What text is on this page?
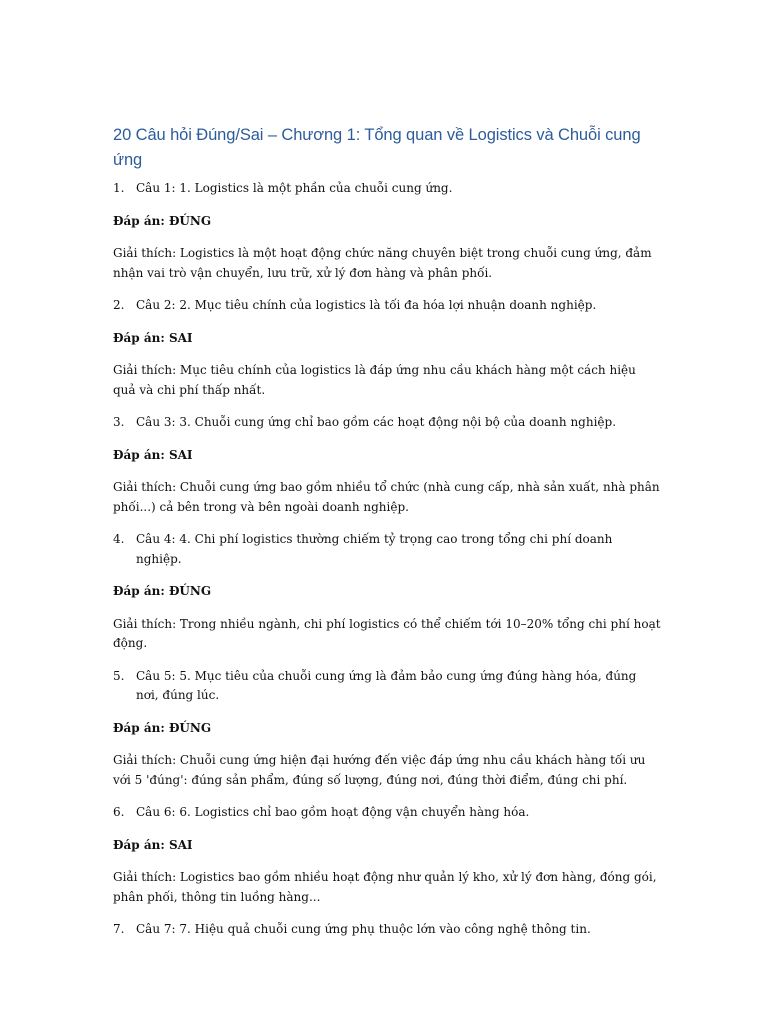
20 Câu hỏi Đúng/Sai – Chương 1: Tổng quan về Logistics và Chuỗi cung ứng
1. Câu 1: 1. Logistics là một phần của chuỗi cung ứng.

Đáp án: ĐÚNG

Giải thích: Logistics là một hoạt động chức năng chuyên biệt trong chuỗi cung ứng, đảm nhận vai trò vận chuyển, lưu trữ, xử lý đơn hàng và phân phối.

2. Câu 2: 2. Mục tiêu chính của logistics là tối đa hóa lợi nhuận doanh nghiệp.

Đáp án: SAI

Giải thích: Mục tiêu chính của logistics là đáp ứng nhu cầu khách hàng một cách hiệu quả và chi phí thấp nhất.

3. Câu 3: 3. Chuỗi cung ứng chỉ bao gồm các hoạt động nội bộ của doanh nghiệp.

Đáp án: SAI

Giải thích: Chuỗi cung ứng bao gồm nhiều tổ chức (nhà cung cấp, nhà sản xuất, nhà phân phối...) cả bên trong và bên ngoài doanh nghiệp.

4. Câu 4: 4. Chi phí logistics thường chiếm tỷ trọng cao trong tổng chi phí doanh nghiệp.

Đáp án: ĐÚNG

Giải thích: Trong nhiều ngành, chi phí logistics có thể chiếm tới 10–20% tổng chi phí hoạt động.

5. Câu 5: 5. Mục tiêu của chuỗi cung ứng là đảm bảo cung ứng đúng hàng hóa, đúng nơi, đúng lúc.

Đáp án: ĐÚNG

Giải thích: Chuỗi cung ứng hiện đại hướng đến việc đáp ứng nhu cầu khách hàng tối ưu với 5 'đúng': đúng sản phẩm, đúng số lượng, đúng nơi, đúng thời điểm, đúng chi phí.

6. Câu 6: 6. Logistics chỉ bao gồm hoạt động vận chuyển hàng hóa.

Đáp án: SAI

Giải thích: Logistics bao gồm nhiều hoạt động như quản lý kho, xử lý đơn hàng, đóng gói, phân phối, thông tin luồng hàng...

7. Câu 7: 7. Hiệu quả chuỗi cung ứng phụ thuộc lớn vào công nghệ thông tin.
